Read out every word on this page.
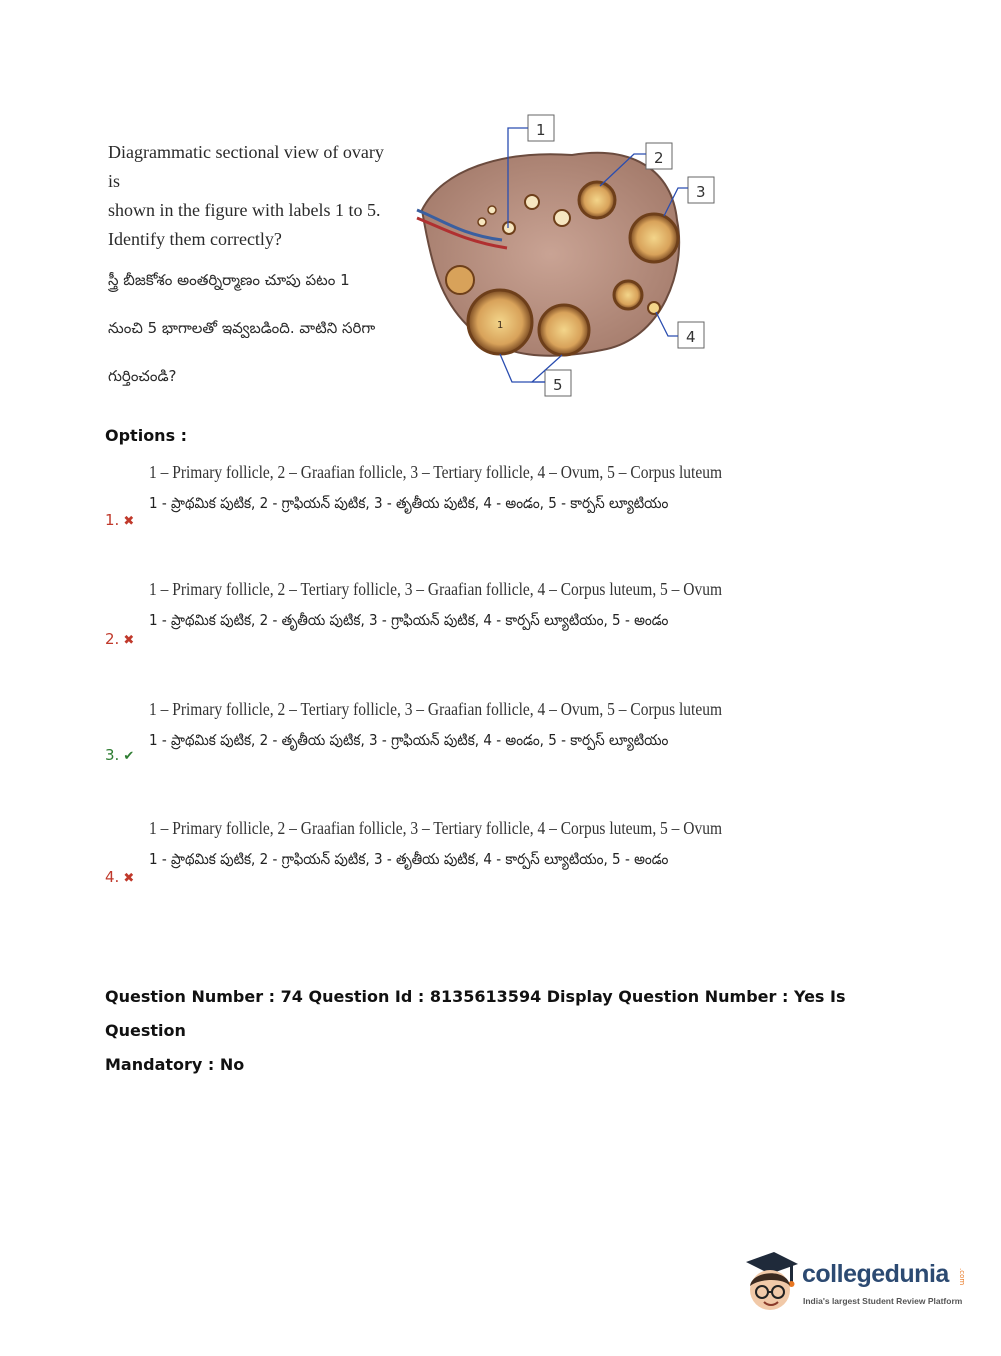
Diagrammatic sectional view of ovary is

shown in the figure with labels 1 to 5.

Identify them correctly?

స్త్రీ బీజకోశం అంతర్నిర్మాణం చూపు పటం 1
నుంచి 5 భాగాలతో ఇవ్వబడింది. వాటిని సరిగా
గుర్తించండి?
1
1
2
3
4
5
Options :
1. ✖
1 – Primary follicle, 2 – Graafian follicle, 3 – Tertiary follicle, 4 – Ovum, 5 – Corpus luteum
1 - ప్రాథమిక పుటిక, 2 - గ్రాఫియన్ పుటిక, 3 - తృతీయ పుటిక, 4 - అండం, 5 - కార్పస్ ల్యూటియం
2. ✖
1 – Primary follicle, 2 – Tertiary follicle, 3 – Graafian follicle, 4 – Corpus luteum, 5 – Ovum
1 - ప్రాథమిక పుటిక, 2 - తృతీయ పుటిక, 3 - గ్రాఫియన్ పుటిక, 4 - కార్పస్ ల్యూటియం, 5 - అండం
3. ✔
1 – Primary follicle, 2 – Tertiary follicle, 3 – Graafian follicle, 4 – Ovum, 5 – Corpus luteum
1 - ప్రాథమిక పుటిక, 2 - తృతీయ పుటిక, 3 - గ్రాఫియన్ పుటిక, 4 - అండం, 5 - కార్పస్ ల్యూటియం
4. ✖
1 – Primary follicle, 2 – Graafian follicle, 3 – Tertiary follicle, 4 – Corpus luteum, 5 – Ovum
1 - ప్రాథమిక పుటిక, 2 - గ్రాఫియన్ పుటిక, 3 - తృతీయ పుటిక, 4 - కార్పస్ ల్యూటియం, 5 - అండం
Question Number : 74 Question Id : 8135613594 Display Question Number : Yes Is Question
Mandatory : No
collegedunia .com
India's largest Student Review Platform
